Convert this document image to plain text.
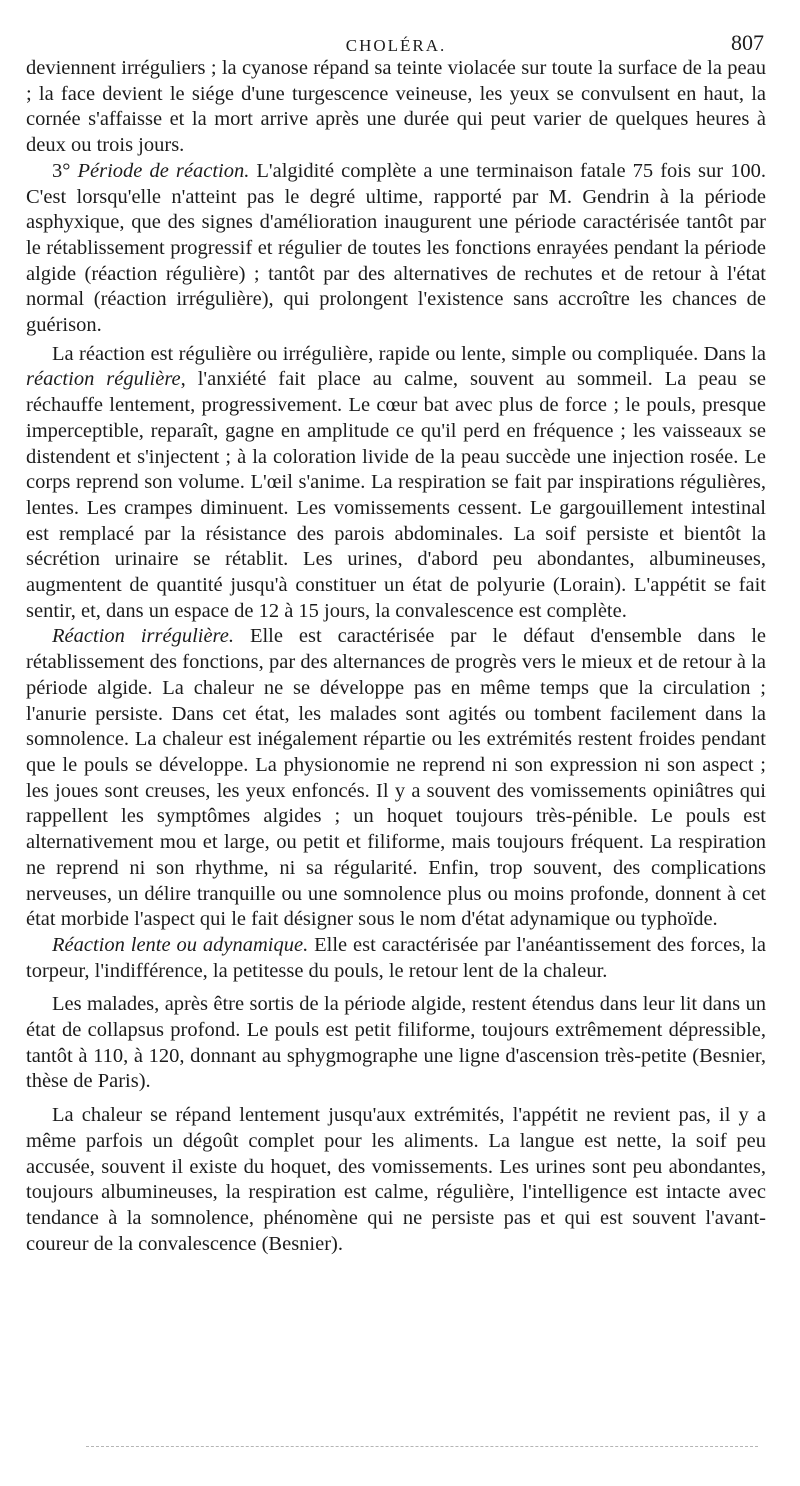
CHOLÉRA.	807

deviennent irréguliers ; la cyanose répand sa teinte violacée sur toute la surface de la peau ; la face devient le siége d'une turgescence veineuse, les yeux se convulsent en haut, la cornée s'affaisse et la mort arrive après une durée qui peut varier de quelques heures à deux ou trois jours.

3° Période de réaction. L'algidité complète a une terminaison fatale 75 fois sur 100. C'est lorsqu'elle n'atteint pas le degré ultime, rapporté par M. Gendrin à la période asphyxique, que des signes d'amélioration inaugurent une période caractérisée tantôt par le rétablissement progressif et régulier de toutes les fonctions enrayées pendant la période algide (réaction régulière) ; tantôt par des alternatives de rechutes et de retour à l'état normal (réaction irrégulière), qui prolongent l'existence sans accroître les chances de guérison.

La réaction est régulière ou irrégulière, rapide ou lente, simple ou compliquée. Dans la réaction régulière, l'anxiété fait place au calme, souvent au sommeil. La peau se réchauffe lentement, progressivement. Le cœur bat avec plus de force ; le pouls, presque imperceptible, reparaît, gagne en amplitude ce qu'il perd en fréquence ; les vaisseaux se distendent et s'injectent ; à la coloration livide de la peau succède une injection rosée. Le corps reprend son volume. L'œil s'anime. La respiration se fait par inspirations régulières, lentes. Les crampes diminuent. Les vomissements cessent. Le gargouillement intestinal est remplacé par la résistance des parois abdominales. La soif persiste et bientôt la sécrétion urinaire se rétablit. Les urines, d'abord peu abondantes, albumineuses, augmentent de quantité jusqu'à constituer un état de polyurie (Lorain). L'appétit se fait sentir, et, dans un espace de 12 à 15 jours, la convalescence est complète.

Réaction irrégulière. Elle est caractérisée par le défaut d'ensemble dans le rétablissement des fonctions, par des alternances de progrès vers le mieux et de retour à la période algide. La chaleur ne se développe pas en même temps que la circulation ; l'anurie persiste. Dans cet état, les malades sont agités ou tombent facilement dans la somnolence. La chaleur est inégalement répartie ou les extrémités restent froides pendant que le pouls se développe. La physionomie ne reprend ni son expression ni son aspect ; les joues sont creuses, les yeux enfoncés. Il y a souvent des vomissements opiniâtres qui rappellent les symptômes algides ; un hoquet toujours très-pénible. Le pouls est alternativement mou et large, ou petit et filiforme, mais toujours fréquent. La respiration ne reprend ni son rhythme, ni sa régularité. Enfin, trop souvent, des complications nerveuses, un délire tranquille ou une somnolence plus ou moins profonde, donnent à cet état morbide l'aspect qui le fait désigner sous le nom d'état adynamique ou typhoïde.

Réaction lente ou adynamique. Elle est caractérisée par l'anéantissement des forces, la torpeur, l'indifférence, la petitesse du pouls, le retour lent de la chaleur.

Les malades, après être sortis de la période algide, restent étendus dans leur lit dans un état de collapsus profond. Le pouls est petit filiforme, toujours extrêmement dépressible, tantôt à 110, à 120, donnant au sphygmographe une ligne d'ascension très-petite (Besnier, thèse de Paris).

La chaleur se répand lentement jusqu'aux extrémités, l'appétit ne revient pas, il y a même parfois un dégoût complet pour les aliments. La langue est nette, la soif peu accusée, souvent il existe du hoquet, des vomissements. Les urines sont peu abondantes, toujours albumineuses, la respiration est calme, régulière, l'intelligence est intacte avec tendance à la somnolence, phénomène qui ne persiste pas et qui est souvent l'avant-coureur de la convalescence (Besnier).
